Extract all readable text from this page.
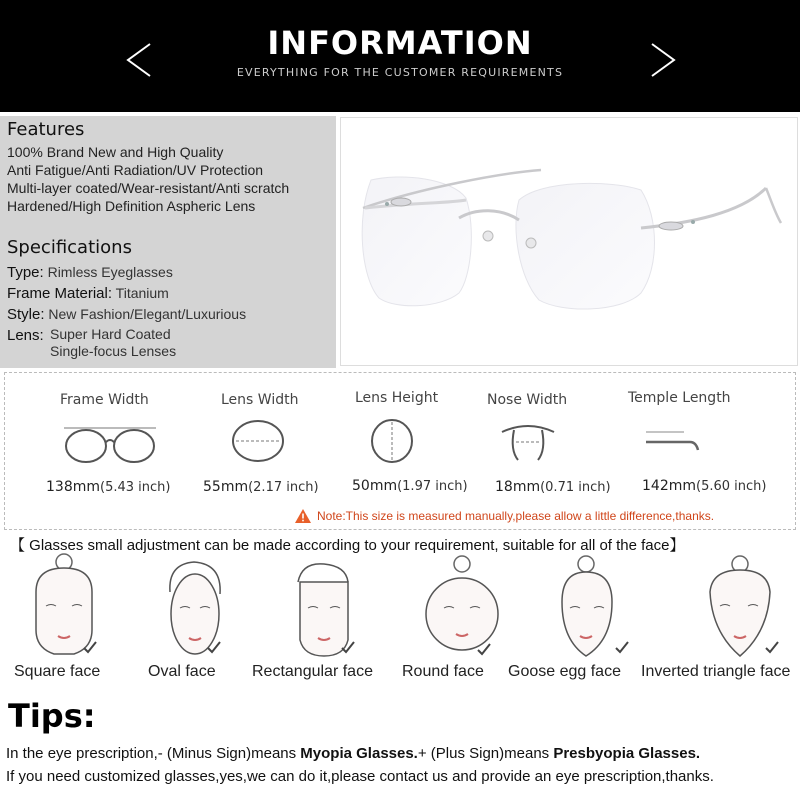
INFORMATION
EVERYTHING FOR THE CUSTOMER REQUIREMENTS
Features
100% Brand New and High Quality
Anti Fatigue/Anti Radiation/UV Protection
Multi-layer coated/Wear-resistant/Anti scratch
Hardened/High Definition Aspheric Lens
Specifications
Type: Rimless Eyeglasses
Frame Material: Titanium
Style: New Fashion/Elegant/Luxurious
Lens: Super Hard Coated
Single-focus Lenses
Frame Width
138mm(5.43 inch)
Lens Width
55mm(2.17 inch)
Lens Height
50mm(1.97 inch)
Nose Width
18mm(0.71 inch)
Temple Length
142mm(5.60 inch)
Note:This size is measured manually,please allow a little difference,thanks.
【 Glasses small adjustment can be made according to your requirement, suitable for all of the face】
Square face	Oval face Rectangular face Round face Goose egg face Inverted triangle face
Tips:
In the eye prescription,- (Minus Sign)means Myopia Glasses.+ (Plus Sign)means Presbyopia Glasses.
If you need customized glasses,yes,we can do it,please contact us and provide an eye prescription,thanks.
